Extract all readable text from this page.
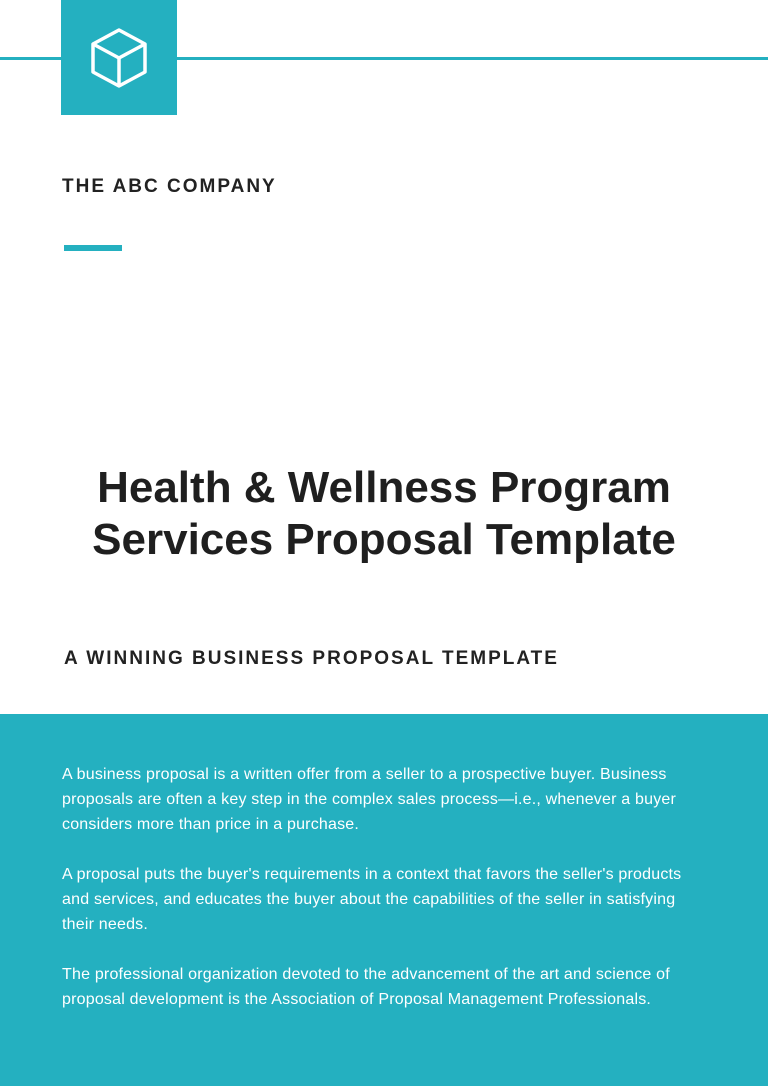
THE ABC COMPANY
Health & Wellness Program
Services Proposal Template
A WINNING BUSINESS PROPOSAL TEMPLATE

A business proposal is a written offer from a seller to a prospective buyer. Business proposals are often a key step in the complex sales process—i.e., whenever a buyer considers more than price in a purchase.

A proposal puts the buyer's requirements in a context that favors the seller's products and services, and educates the buyer about the capabilities of the seller in satisfying their needs.

The professional organization devoted to the advancement of the art and science of proposal development is the Association of Proposal Management Professionals.
